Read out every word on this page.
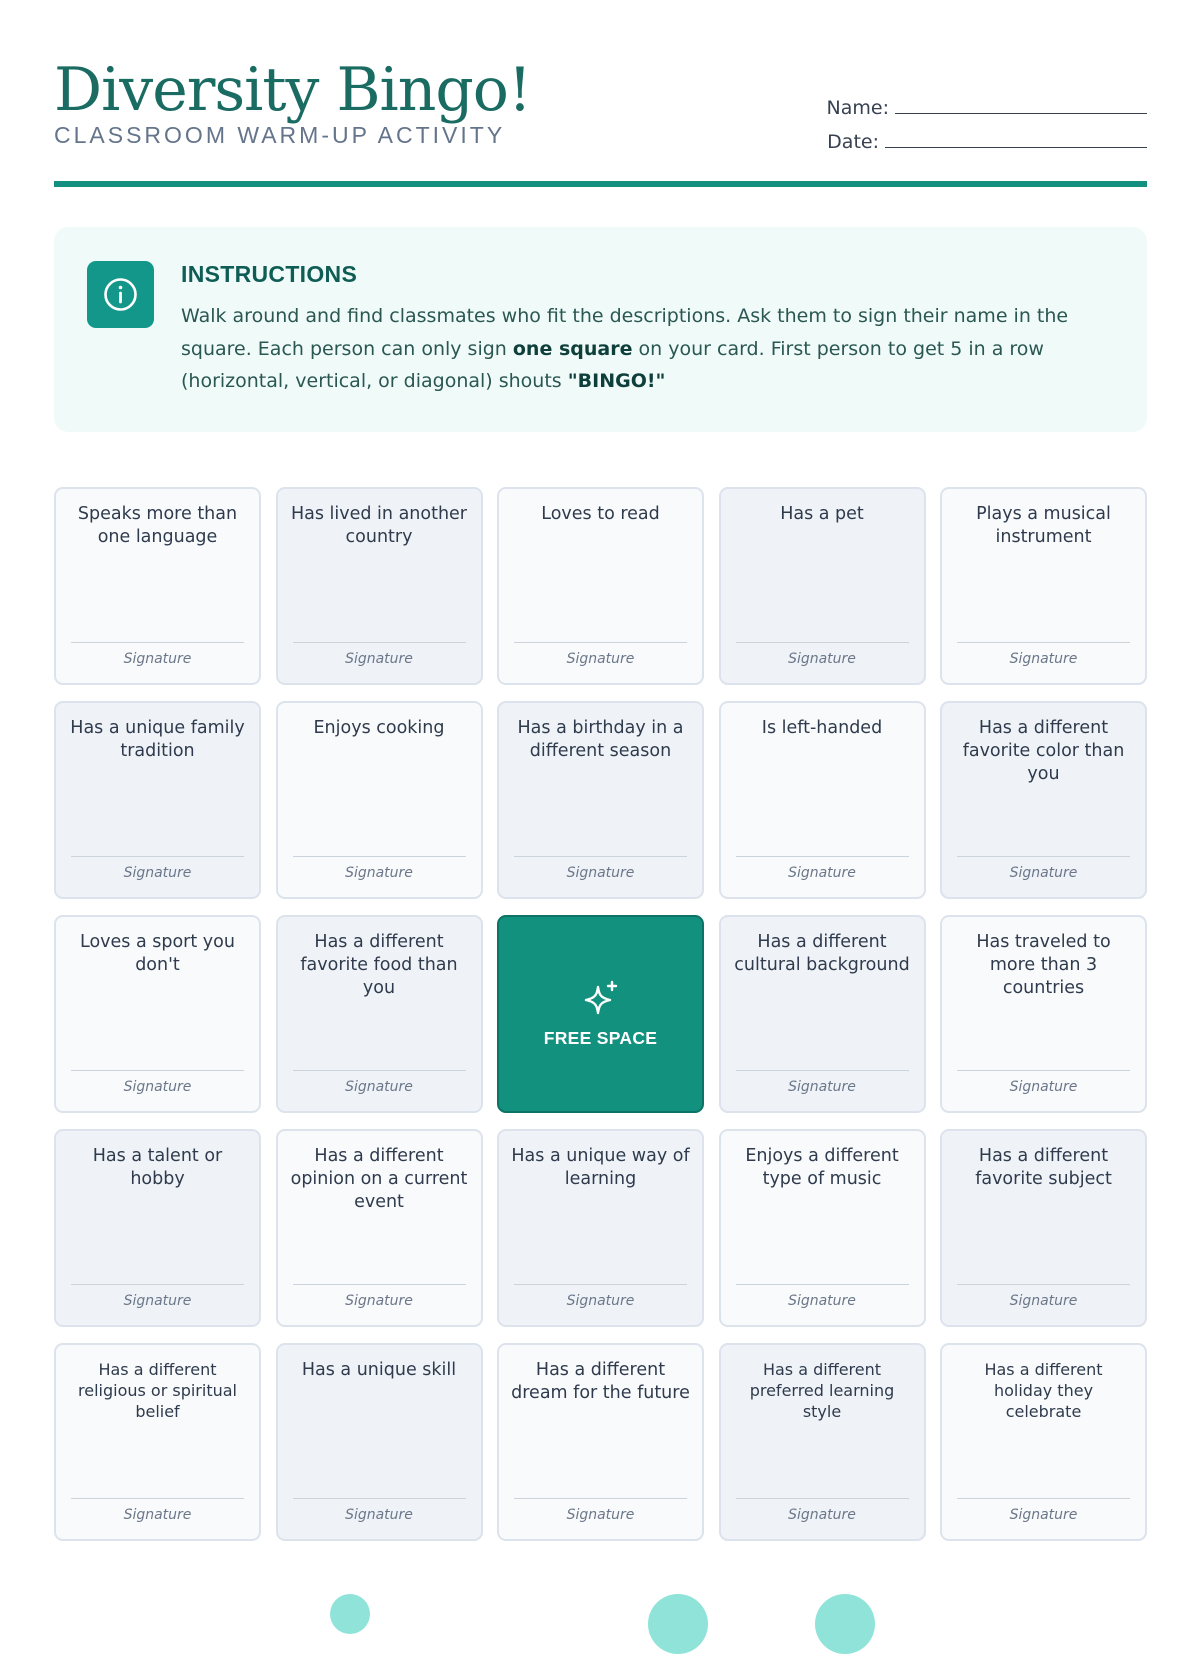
Diversity Bingo!
CLASSROOM WARM-UP ACTIVITY
Name:
Date:
INSTRUCTIONS
Walk around and find classmates who fit the descriptions. Ask them to sign their name in the square. Each person can only sign one square on your card. First person to get 5 in a row (horizontal, vertical, or diagonal) shouts "BINGO!"
Speaks more than one language
Signature
Has lived in another country
Signature
Loves to read
Signature
Has a pet
Signature
Plays a musical instrument
Signature
Has a unique family tradition
Signature
Enjoys cooking
Signature
Has a birthday in a different season
Signature
Is left-handed
Signature
Has a different favorite color than you
Signature
Loves a sport you don't
Signature
Has a different favorite food than you
Signature
FREE SPACE
Has a different cultural background
Signature
Has traveled to more than 3 countries
Signature
Has a talent or hobby
Signature
Has a different opinion on a current event
Signature
Has a unique way of learning
Signature
Enjoys a different type of music
Signature
Has a different favorite subject
Signature
Has a different religious or spiritual belief
Signature
Has a unique skill
Signature
Has a different dream for the future
Signature
Has a different preferred learning style
Signature
Has a different holiday they celebrate
Signature
